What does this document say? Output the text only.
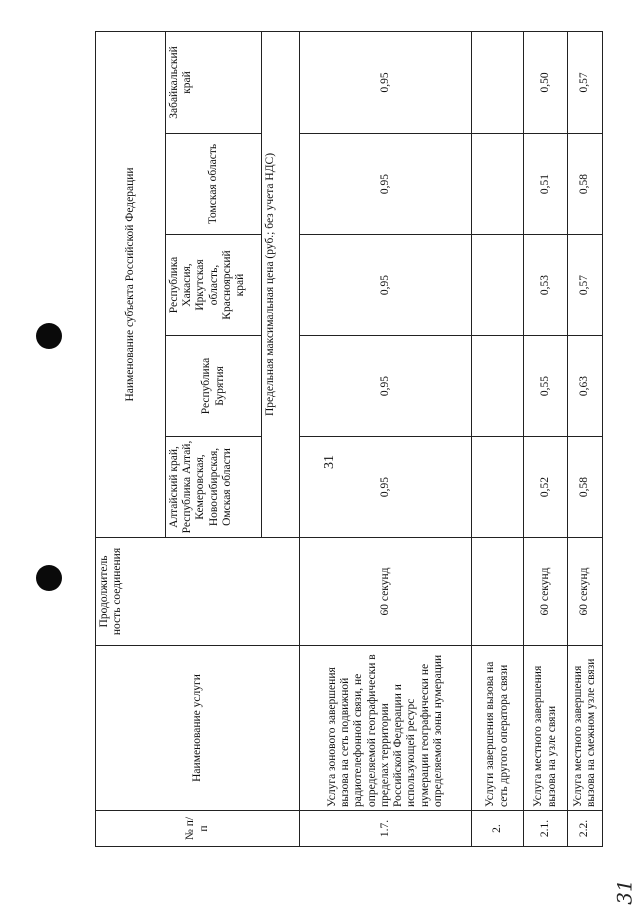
31
№ п/п	Наименование услуги	Продолжитель ность соединения	Наименование субъекта Российской Федерации				
			Алтайский край, Республика Алтай, Кемеровская, Новосибирская, Омская области	Республика Бурятия	Республика Хакасия, Иркутская область, Красноярский край	Томская область	Забайкальский край
			Предельная максимальная цена (руб.; без учета НДС)				
1.7.	Услуга зонового завершения вызова на сеть подвижной радиотелефонной связи, не определяемой географически в пределах территории Российской Федерации и использующей ресурс нумерации географически не определяемой зоны нумерации	60 секунд	0,95	0,95	0,95	0,95	0,95
2.	Услуги завершения вызова на сеть другого оператора связи						
2.1.	Услуга местного завершения вызова на узле связи	60 секунд	0,52	0,55	0,53	0,51	0,50
2.2.	Услуга местного завершения вызова на смежном узле связи	60 секунд	0,58	0,63	0,57	0,58	0,57
31
